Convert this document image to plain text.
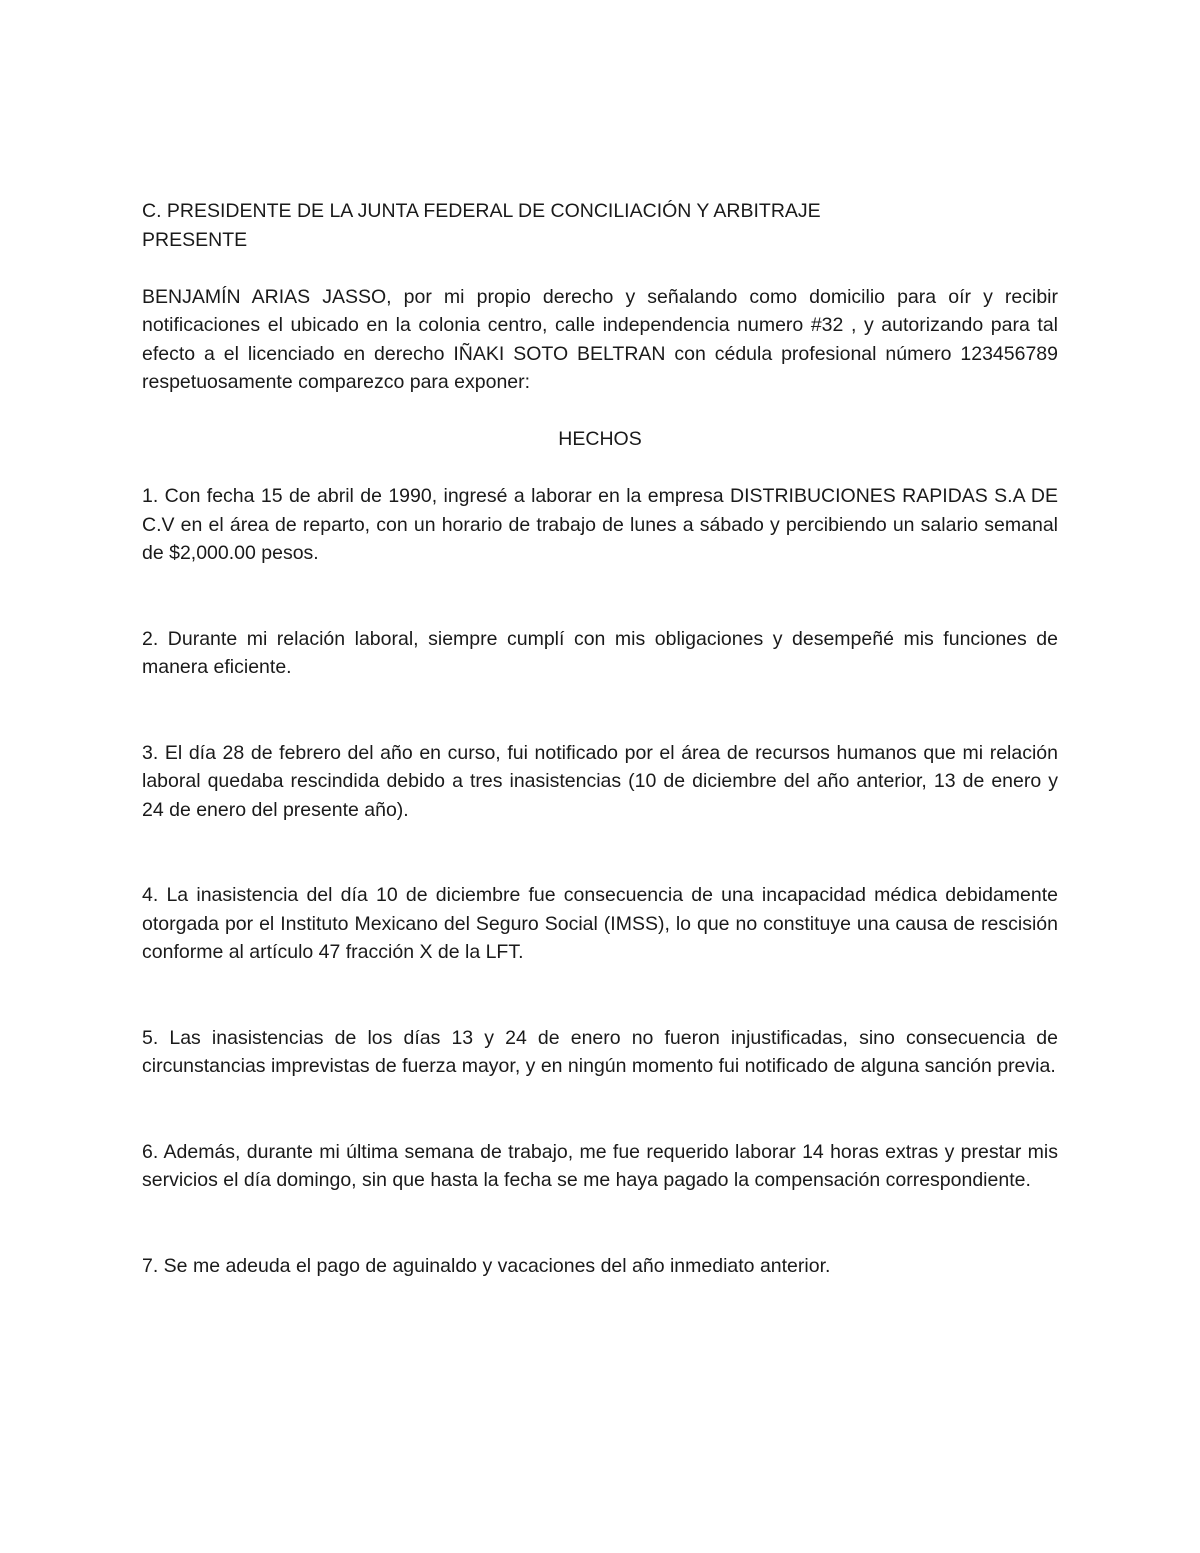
C. PRESIDENTE DE LA JUNTA FEDERAL DE CONCILIACIÓN Y ARBITRAJE

PRESENTE

BENJAMÍN ARIAS JASSO, por mi propio derecho y señalando como domicilio para oír y recibir notificaciones el ubicado en la colonia centro, calle independencia numero #32 , y autorizando para tal efecto a el licenciado en derecho IÑAKI SOTO BELTRAN con cédula profesional número 123456789 respetuosamente comparezco para exponer:

HECHOS

1. Con fecha 15 de abril de 1990, ingresé a laborar en la empresa DISTRIBUCIONES RAPIDAS S.A DE C.V en el área de reparto, con un horario de trabajo de lunes a sábado y percibiendo un salario semanal de $2,000.00 pesos.

2. Durante mi relación laboral, siempre cumplí con mis obligaciones y desempeñé mis funciones de manera eficiente.

3. El día 28 de febrero del año en curso, fui notificado por el área de recursos humanos que mi relación laboral quedaba rescindida debido a tres inasistencias (10 de diciembre del año anterior, 13 de enero y 24 de enero del presente año).

4. La inasistencia del día 10 de diciembre fue consecuencia de una incapacidad médica debidamente otorgada por el Instituto Mexicano del Seguro Social (IMSS), lo que no constituye una causa de rescisión conforme al artículo 47 fracción X de la LFT.

5. Las inasistencias de los días 13 y 24 de enero no fueron injustificadas, sino consecuencia de circunstancias imprevistas de fuerza mayor, y en ningún momento fui notificado de alguna sanción previa.

6. Además, durante mi última semana de trabajo, me fue requerido laborar 14 horas extras y prestar mis servicios el día domingo, sin que hasta la fecha se me haya pagado la compensación correspondiente.

7. Se me adeuda el pago de aguinaldo y vacaciones del año inmediato anterior.
